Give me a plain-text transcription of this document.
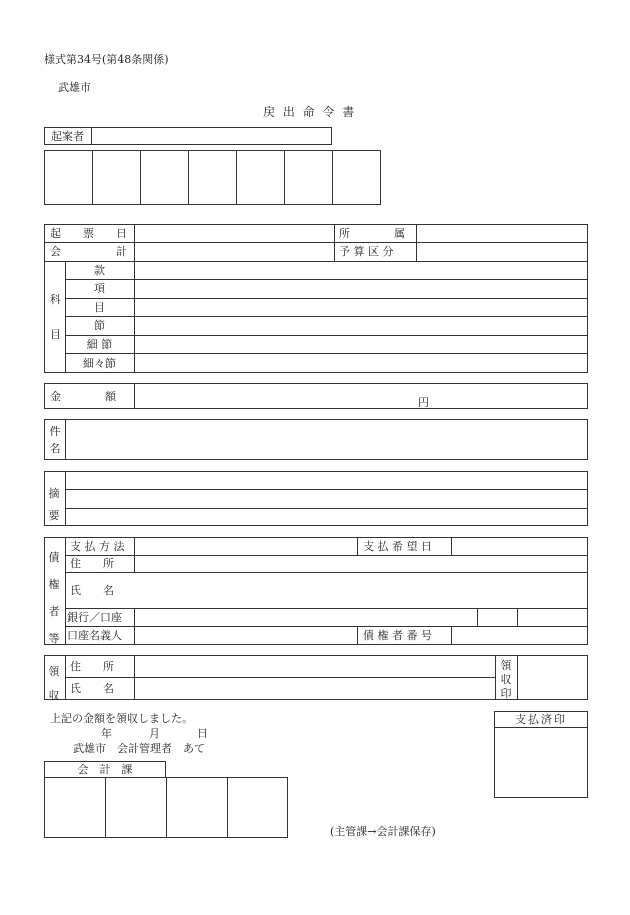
様式第34号(第48条関係)
武雄市
戻 出 命 令 書
起案者
起　　票　　日	所　　　　属
会　　　　　計	予 算 区 分
科
目
款
項
目
節
細 節
細々節
金　　　　額	円
件名
摘要
債権者等
支 払 方 法	支 払 希 望 日
住　　所
氏　　名
銀行／口座
口座名義人	債 権 者 番 号
領収
住　　所
氏　　名
領収印
上記の金額を領収しました。
年	月	日
武雄市　会計管理者　あて
支払済印
会　計　課
(主管課→会計課保存)
